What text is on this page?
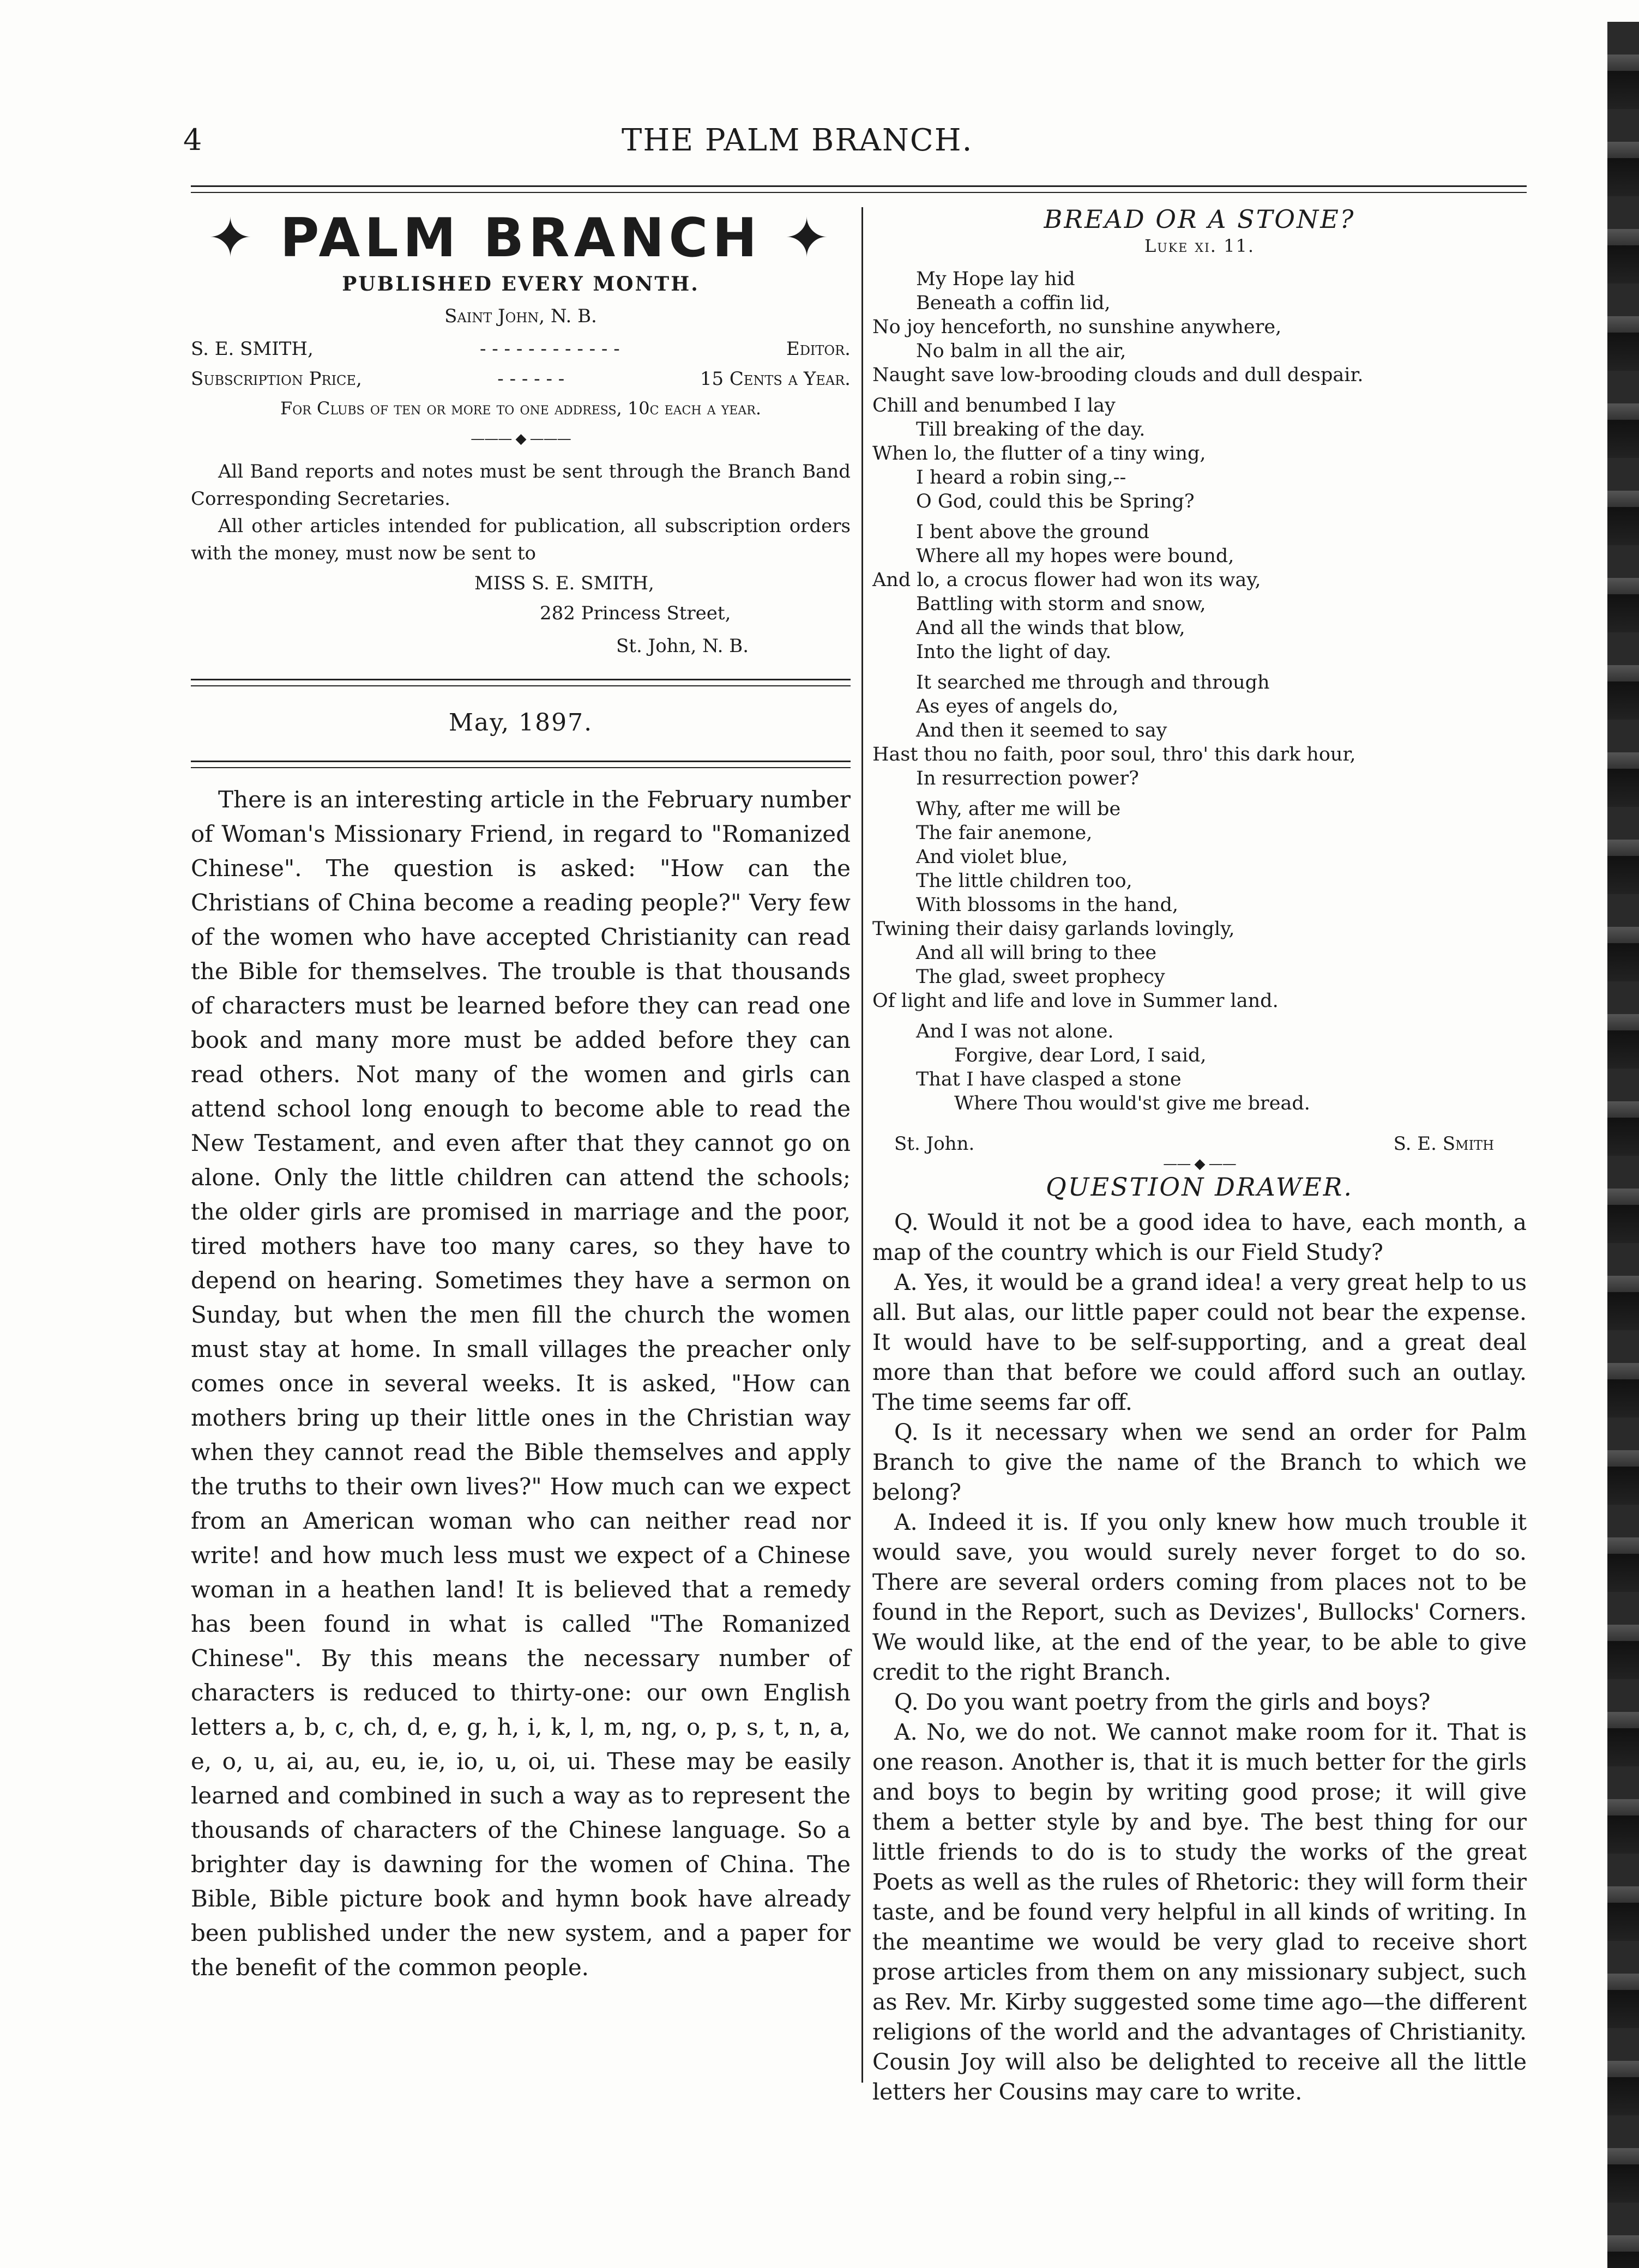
4	THE PALM BRANCH.
✦ PALM BRANCH ✦
PUBLISHED EVERY MONTH.
Saint John, N. B.
S. E. SMITH,	- - - - - - - - - - - -	Editor.
Subscription Price,	- - - - - -	15 Cents a Year.
For Clubs of ten or more to one address, 10c each a year.
——— ◆ ———
All Band reports and notes must be sent through the Branch Band Corresponding Secretaries.
All other articles intended for publication, all subscription orders with the money, must now be sent to
MISS S. E. SMITH,
282 Princess Street,
St. John, N. B.
May, 1897.
There is an interesting article in the February number of Woman's Missionary Friend, in regard to "Romanized Chinese". The question is asked: "How can the Christians of China become a reading people?" Very few of the women who have accepted Christianity can read the Bible for themselves. The trouble is that thousands of characters must be learned before they can read one book and many more must be added before they can read others. Not many of the women and girls can attend school long enough to become able to read the New Testament, and even after that they cannot go on alone. Only the little children can attend the schools; the older girls are promised in marriage and the poor, tired mothers have too many cares, so they have to depend on hearing. Sometimes they have a sermon on Sunday, but when the men fill the church the women must stay at home. In small villages the preacher only comes once in several weeks. It is asked, "How can mothers bring up their little ones in the Christian way when they cannot read the Bible themselves and apply the truths to their own lives?" How much can we expect from an American woman who can neither read nor write! and how much less must we expect of a Chinese woman in a heathen land! It is believed that a remedy has been found in what is called "The Romanized Chinese". By this means the necessary number of characters is reduced to thirty-one: our own English letters a, b, c, ch, d, e, g, h, i, k, l, m, ng, o, p, s, t, n, a, e, o, u, ai, au, eu, ie, io, u, oi, ui. These may be easily learned and combined in such a way as to represent the thousands of characters of the Chinese language. So a brighter day is dawning for the women of China. The Bible, Bible picture book and hymn book have already been published under the new system, and a paper for the benefit of the common people.
BREAD OR A STONE?
Luke xi. 11.
My Hope lay hid
Beneath a coffin lid,
No joy henceforth, no sunshine anywhere,
No balm in all the air,
Naught save low-brooding clouds and dull despair.
Chill and benumbed I lay
Till breaking of the day.
When lo, the flutter of a tiny wing,
I heard a robin sing,--
O God, could this be Spring?
I bent above the ground
Where all my hopes were bound,
And lo, a crocus flower had won its way,
Battling with storm and snow,
And all the winds that blow,
Into the light of day.
It searched me through and through
As eyes of angels do,
And then it seemed to say
Hast thou no faith, poor soul, thro' this dark hour,
In resurrection power?
Why, after me will be
The fair anemone,
And violet blue,
The little children too,
With blossoms in the hand,
Twining their daisy garlands lovingly,
And all will bring to thee
The glad, sweet prophecy
Of light and life and love in Summer land.
And I was not alone.
Forgive, dear Lord, I said,
That I have clasped a stone
Where Thou would'st give me bread.
St. John.	S. E. Smith
—— ◆ ——
QUESTION DRAWER.

Q. Would it not be a good idea to have, each month, a map of the country which is our Field Study?

A. Yes, it would be a grand idea! a very great help to us all. But alas, our little paper could not bear the expense. It would have to be self-supporting, and a great deal more than that before we could afford such an outlay. The time seems far off.

Q. Is it necessary when we send an order for Palm Branch to give the name of the Branch to which we belong?

A. Indeed it is. If you only knew how much trouble it would save, you would surely never forget to do so. There are several orders coming from places not to be found in the Report, such as Devizes', Bullocks' Corners. We would like, at the end of the year, to be able to give credit to the right Branch.

Q. Do you want poetry from the girls and boys?

A. No, we do not. We cannot make room for it. That is one reason. Another is, that it is much better for the girls and boys to begin by writing good prose; it will give them a better style by and bye. The best thing for our little friends to do is to study the works of the great Poets as well as the rules of Rhetoric: they will form their taste, and be found very helpful in all kinds of writing. In the meantime we would be very glad to receive short prose articles from them on any missionary subject, such as Rev. Mr. Kirby suggested some time ago—the different religions of the world and the advantages of Christianity. Cousin Joy will also be delighted to receive all the little letters her Cousins may care to write.
